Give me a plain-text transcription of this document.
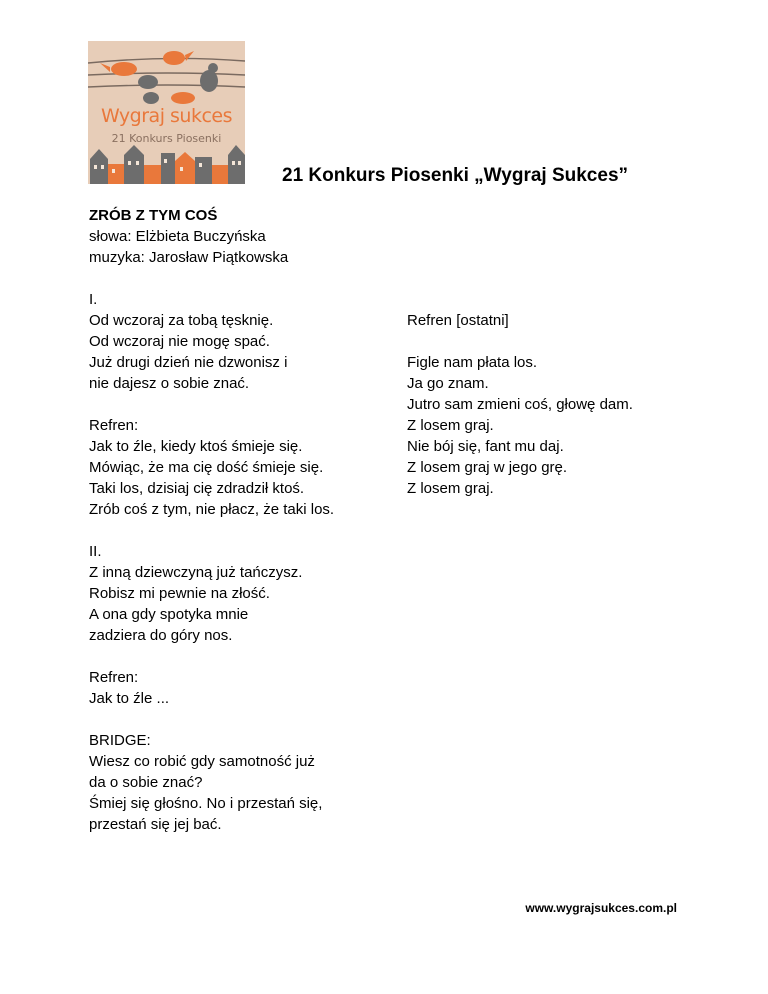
Wygraj sukces
21 Konkurs Piosenki
21 Konkurs Piosenki „Wygraj Sukces”
ZRÓB Z TYM COŚ
słowa: Elżbieta Buczyńska
muzyka: Jarosław Piątkowska
I.
Od wczoraj za tobą tęsknię.
Od wczoraj nie mogę spać.
Już drugi dzień nie dzwonisz i
nie dajesz o sobie znać.
Refren:
Jak to źle, kiedy ktoś śmieje się.
Mówiąc, że ma cię dość śmieje się.
Taki los, dzisiaj cię zdradził ktoś.
Zrób coś z tym, nie płacz, że taki los.
II.
Z inną dziewczyną już tańczysz.
Robisz mi pewnie na złość.
A ona gdy spotyka mnie
zadziera do góry nos.
Refren:
Jak to źle ...
BRIDGE:
Wiesz co robić gdy samotność już
da o sobie znać?
Śmiej się głośno. No i przestań się,
przestań się jej bać.
Refren [ostatni]
Figle nam płata los.
Ja go znam.
Jutro sam zmieni coś, głowę dam.
Z losem graj.
Nie bój się, fant mu daj.
Z losem graj w jego grę.
Z losem graj.
www.wygrajsukces.com.pl
